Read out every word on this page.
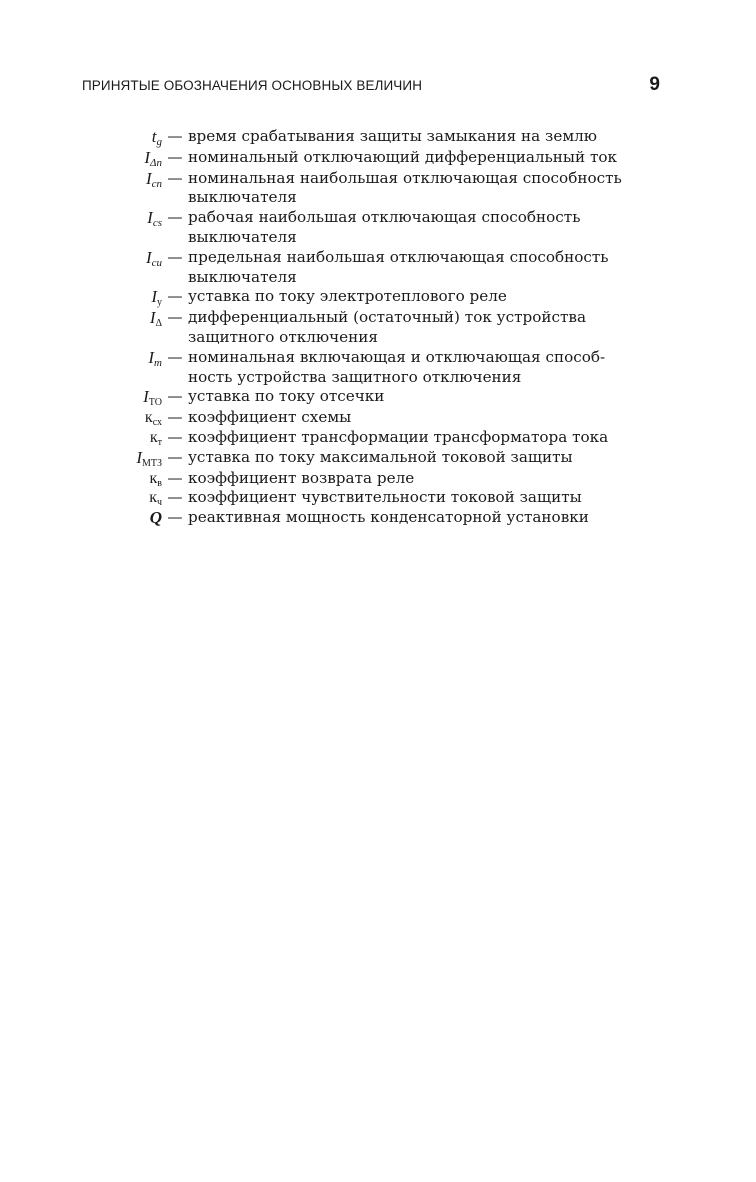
ПРИНЯТЫЕ ОБОЗНАЧЕНИЯ ОСНОВНЫХ ВЕЛИЧИН	9
$t_g$ — время срабатывания защиты замыкания на землю
$I_{\Delta n}$ — номинальный отключающий дифференциальный ток
$I_{cn}$ — номинальная наибольшая отключающая способность
выключателя
$I_{cs}$ — рабочая наибольшая отключающая способность
выключателя
$I_{cu}$ — предельная наибольшая отключающая способность
выключателя
$I_у$ — уставка по току электротеплового реле
$I_\Delta$ — дифференциальный (остаточный) ток устройства
защитного отключения
$I_m$ — номинальная включающая и отключающая способ-
ность устройства защитного отключения
$I_{ТО}$ — уставка по току отсечки
$к_{сх}$ — коэффициент схемы
$к_т$ — коэффициент трансформации трансформатора тока
$I_{МТЗ}$ — уставка по току максимальной токовой защиты
$к_в$ — коэффициент возврата реле
$к_ч$ — коэффициент чувствительности токовой защиты
Q — реактивная мощность конденсаторной установки
